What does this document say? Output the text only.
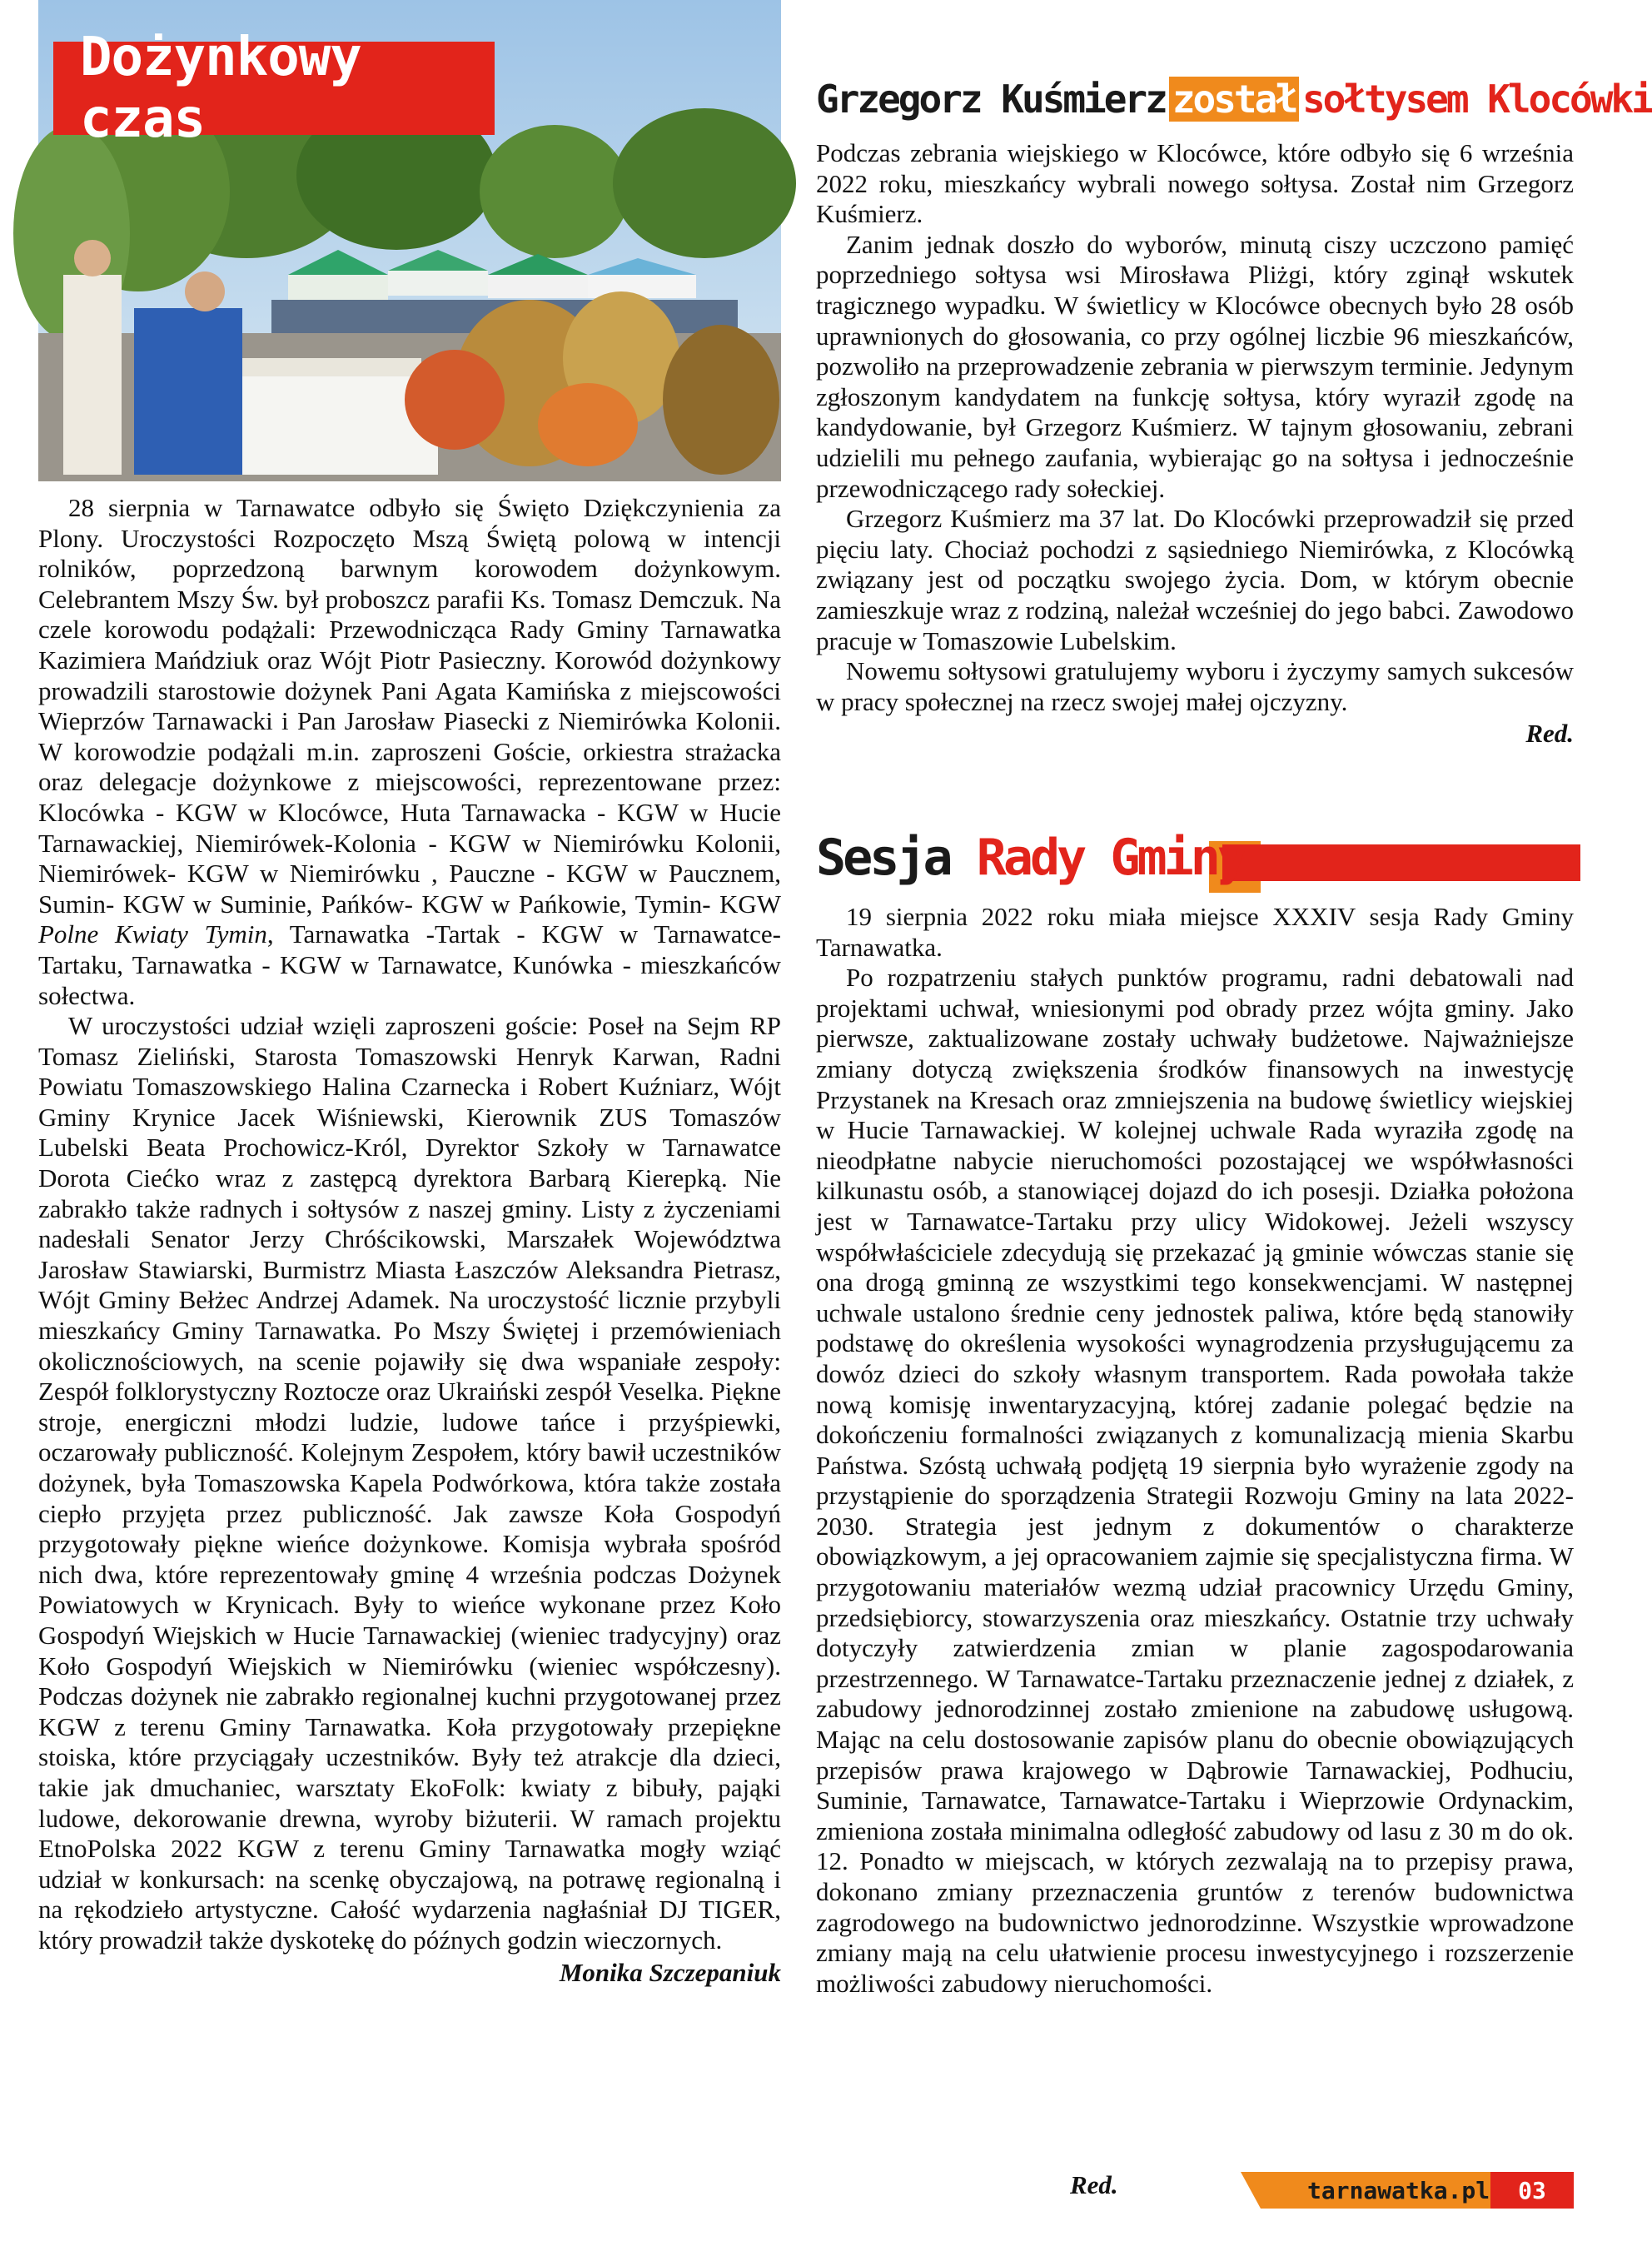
Dożynkowy czas

28 sierpnia w Tarnawatce odbyło się Święto Dziękczynienia za Plony. Uroczystości Rozpoczęto Mszą Świętą polową w intencji rolników, poprzedzoną barwnym korowodem dożynkowym. Celebrantem Mszy Św. był proboszcz parafii Ks. Tomasz Demczuk. Na czele korowodu podążali: Przewodnicząca Rady Gminy Tarnawatka Kazimiera Mańdziuk oraz Wójt Piotr Pasieczny. Korowód dożynkowy prowadzili starostowie dożynek Pani Agata Kamińska z miejscowości Wieprzów Tarnawacki i Pan Jarosław Piasecki z Niemirówka Kolonii. W korowodzie podążali m.in. zaproszeni Goście, orkiestra strażacka oraz delegacje dożynkowe z miejscowości, reprezentowane przez: Klocówka - KGW w Klocówce, Huta Tarnawacka - KGW w Hucie Tarnawackiej, Niemirówek-Kolonia - KGW w Niemirówku Kolonii, Niemirówek- KGW w Niemirówku , Pauczne - KGW w Paucznem, Sumin- KGW w Suminie, Pańków- KGW w Pańkowie, Tymin- KGW Polne Kwiaty Tymin, Tarnawatka -Tartak - KGW w Tarnawatce-Tartaku, Tarnawatka - KGW w Tarnawatce, Kunówka - mieszkańców sołectwa.

W uroczystości udział wzięli zaproszeni goście: Poseł na Sejm RP Tomasz Zieliński, Starosta Tomaszowski Henryk Karwan, Radni Powiatu Tomaszowskiego Halina Czarnecka i Robert Kuźniarz, Wójt Gminy Krynice Jacek Wiśniewski, Kierownik ZUS Tomaszów Lubelski Beata Prochowicz-Król, Dyrektor Szkoły w Tarnawatce Dorota Ciećko wraz z zastępcą dyrektora Barbarą Kierepką. Nie zabrakło także radnych i sołtysów z naszej gminy. Listy z życzeniami nadesłali Senator Jerzy Chróścikowski, Marszałek Województwa Jarosław Stawiarski, Burmistrz Miasta Łaszczów Aleksandra Pietrasz, Wójt Gminy Bełżec Andrzej Adamek. Na uroczystość licznie przybyli mieszkańcy Gminy Tarnawatka. Po Mszy Świętej i przemówieniach okolicznościowych, na scenie pojawiły się dwa wspaniałe zespoły: Zespół folklorystyczny Roztocze oraz Ukraiński zespół Veselka. Piękne stroje, energiczni młodzi ludzie, ludowe tańce i przyśpiewki, oczarowały publiczność. Kolejnym Zespołem, który bawił uczestników dożynek, była Tomaszowska Kapela Podwórkowa, która także została ciepło przyjęta przez publiczność. Jak zawsze Koła Gospodyń przygotowały piękne wieńce dożynkowe. Komisja wybrała spośród nich dwa, które reprezentowały gminę 4 września podczas Dożynek Powiatowych w Krynicach. Były to wieńce wykonane przez Koło Gospodyń Wiejskich w Hucie Tarnawackiej (wieniec tradycyjny) oraz Koło Gospodyń Wiejskich w Niemirówku (wieniec współczesny). Podczas dożynek nie zabrakło regionalnej kuchni przygotowanej przez KGW z terenu Gminy Tarnawatka. Koła przygotowały przepiękne stoiska, które przyciągały uczestników. Były też atrakcje dla dzieci, takie jak dmuchaniec, warsztaty EkoFolk: kwiaty z bibuły, pająki ludowe, dekorowanie drewna, wyroby biżuterii. W ramach projektu EtnoPolska 2022 KGW z terenu Gminy Tarnawatka mogły wziąć udział w konkursach: na scenkę obyczajową, na potrawę regionalną i na rękodzieło artystyczne. Całość wydarzenia nagłaśniał DJ TIGER, który prowadził także dyskotekę do późnych godzin wieczornych.

Monika Szczepaniuk

Grzegorz Kuśmierz został sołtysem Klocówki

Podczas zebrania wiejskiego w Klocówce, które odbyło się 6 września 2022 roku, mieszkańcy wybrali nowego sołtysa. Został nim Grzegorz Kuśmierz.

Zanim jednak doszło do wyborów, minutą ciszy uczczono pamięć poprzedniego sołtysa wsi Mirosława Pliżgi, który zginął wskutek tragicznego wypadku. W świetlicy w Klocówce obecnych było 28 osób uprawnionych do głosowania, co przy ogólnej liczbie 96 mieszkańców, pozwoliło na przeprowadzenie zebrania w pierwszym terminie. Jedynym zgłoszonym kandydatem na funkcję sołtysa, który wyraził zgodę na kandydowanie, był Grzegorz Kuśmierz. W tajnym głosowaniu, zebrani udzielili mu pełnego zaufania, wybierając go na sołtysa i jednocześnie przewodniczącego rady sołeckiej.

Grzegorz Kuśmierz ma 37 lat. Do Klocówki przeprowadził się przed pięciu laty. Chociaż pochodzi z sąsiedniego Niemirówka, z Klocówką związany jest od początku swojego życia. Dom, w którym obecnie zamieszkuje wraz z rodziną, należał wcześniej do jego babci. Zawodowo pracuje w Tomaszowie Lubelskim.

Nowemu sołtysowi gratulujemy wyboru i życzymy samych sukcesów w pracy społecznej na rzecz swojej małej ojczyzny.

Red.

Sesja Rady Gminy

19 sierpnia 2022 roku miała miejsce XXXIV sesja Rady Gminy Tarnawatka.

Po rozpatrzeniu stałych punktów programu, radni debatowali nad projektami uchwał, wniesionymi pod obrady przez wójta gminy. Jako pierwsze, zaktualizowane zostały uchwały budżetowe. Najważniejsze zmiany dotyczą zwiększenia środków finansowych na inwestycję Przystanek na Kresach oraz zmniejszenia na budowę świetlicy wiejskiej w Hucie Tarnawackiej. W kolejnej uchwale Rada wyraziła zgodę na nieodpłatne nabycie nieruchomości pozostającej we współwłasności kilkunastu osób, a stanowiącej dojazd do ich posesji. Działka położona jest w Tarnawatce-Tartaku przy ulicy Widokowej. Jeżeli wszyscy współwłaściciele zdecydują się przekazać ją gminie wówczas stanie się ona drogą gminną ze wszystkimi tego konsekwencjami. W następnej uchwale ustalono średnie ceny jednostek paliwa, które będą stanowiły podstawę do określenia wysokości wynagrodzenia przysługującemu za dowóz dzieci do szkoły własnym transportem. Rada powołała także nową komisję inwentaryzacyjną, której zadanie polegać będzie na dokończeniu formalności związanych z komunalizacją mienia Skarbu Państwa. Szóstą uchwałą podjętą 19 sierpnia było wyrażenie zgody na przystąpienie do sporządzenia Strategii Rozwoju Gminy na lata 2022-2030. Strategia jest jednym z dokumentów o charakterze obowiązkowym, a jej opracowaniem zajmie się specjalistyczna firma. W przygotowaniu materiałów wezmą udział pracownicy Urzędu Gminy, przedsiębiorcy, stowarzyszenia oraz mieszkańcy. Ostatnie trzy uchwały dotyczyły zatwierdzenia zmian w planie zagospodarowania przestrzennego. W Tarnawatce-Tartaku przeznaczenie jednej z działek, z zabudowy jednorodzinnej zostało zmienione na zabudowę usługową. Mając na celu dostosowanie zapisów planu do obecnie obowiązujących przepisów prawa krajowego w Dąbrowie Tarnawackiej, Podhuciu, Suminie, Tarnawatce, Tarnawatce-Tartaku i Wieprzowie Ordynackim, zmieniona została minimalna odległość zabudowy od lasu z 30 m do ok. 12. Ponadto w miejscach, w których zezwalają na to przepisy prawa, dokonano zmiany przeznaczenia gruntów z terenów budownictwa zagrodowego na budownictwo jednorodzinne. Wszystkie wprowadzone zmiany mają na celu ułatwienie procesu inwestycyjnego i rozszerzenie możliwości zabudowy nieruchomości.

Red.	tarnawatka.pl 03
